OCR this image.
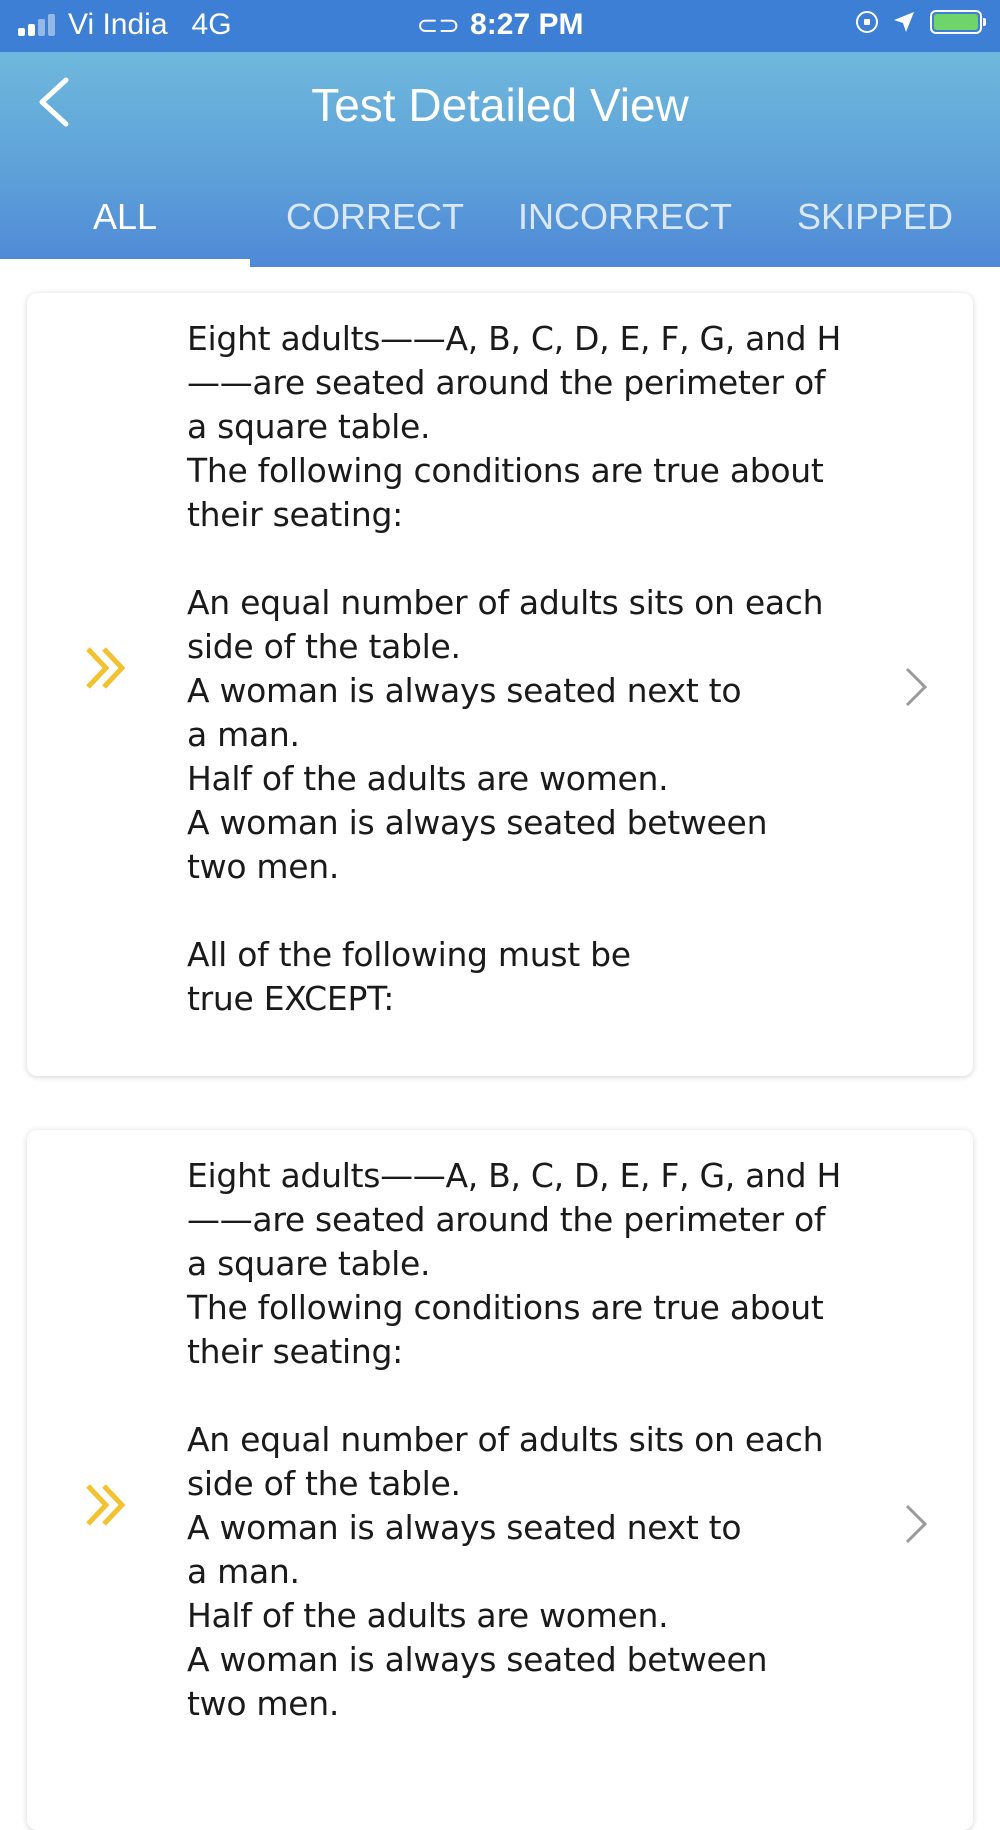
Vi India 4G	⊂⊃ 8:27 PM
Test Detailed View
ALL	CORRECT	INCORRECT	SKIPPED
Eight adults——A, B, C, D, E, F, G, and H
——are seated around the perimeter of
a square table.
The following conditions are true about
their seating:

An equal number of adults sits on each
side of the table.
A woman is always seated next to
a man.
Half of the adults are women.
A woman is always seated between
two men.

All of the following must be
true EXCEPT:
Eight adults——A, B, C, D, E, F, G, and H
——are seated around the perimeter of
a square table.
The following conditions are true about
their seating:

An equal number of adults sits on each
side of the table.
A woman is always seated next to
a man.
Half of the adults are women.
A woman is always seated between
two men.
